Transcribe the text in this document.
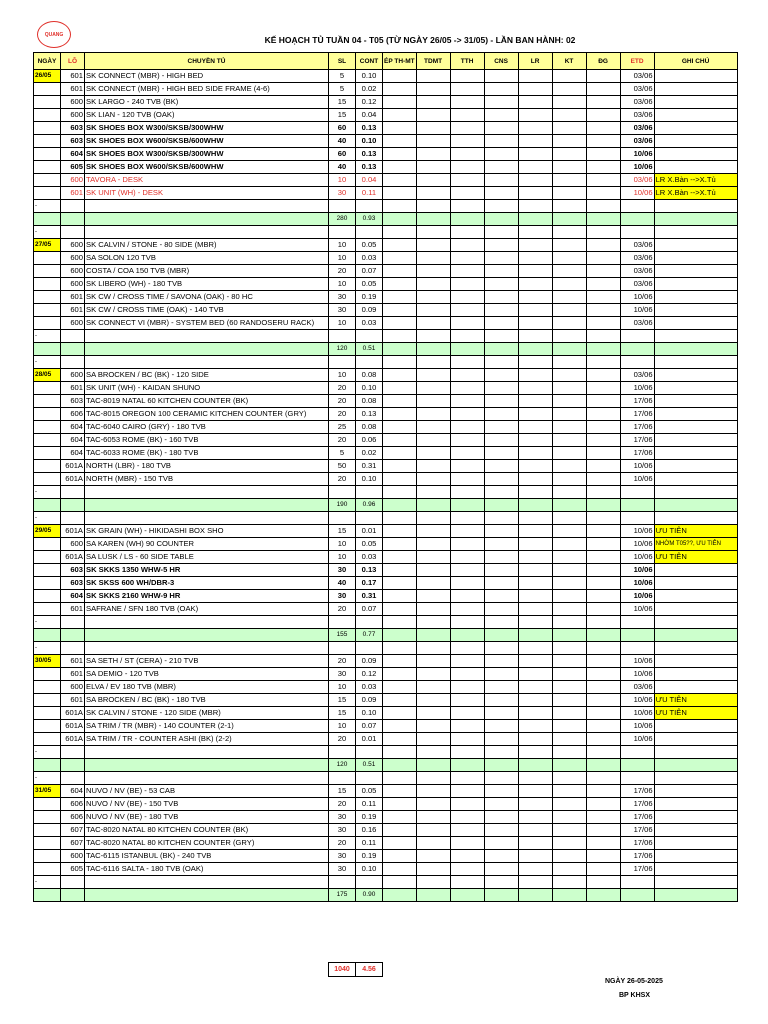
QUANG
KẾ HOẠCH TỦ TUẦN 04 - T05 (TỪ NGÀY 26/05 -> 31/05) - LẦN BAN HÀNH: 02
NGÀY	LÔ	CHUYỀN TỦ	SL	CONT	ÉP TH-MT	TDMT	TTH	CNS	LR	KT	ĐG	ETD	GHI CHÚ
26/05	601	SK CONNECT (MBR) - HIGH BED	5	0.10								03/06	
	601	SK CONNECT (MBR) - HIGH BED SIDE FRAME (4-6)	5	0.02								03/06	
	600	SK LARGO - 240 TVB (BK)	15	0.12								03/06	
	600	SK LIAN - 120 TVB (OAK)	15	0.04								03/06	
	603	SK SHOES BOX W300/SKSB/300WHW	60	0.13								03/06	
	603	SK SHOES BOX W600/SKSB/600WHW	40	0.10								03/06	
	604	SK SHOES BOX W300/SKSB/300WHW	60	0.13								10/06	
	605	SK SHOES BOX W600/SKSB/600WHW	40	0.13								10/06	
	600	TAVORA - DESK	10	0.04								03/06	LR X.Bàn -->X.Tủ
	601	SK UNIT (WH) - DESK	30	0.11								10/06	LR X.Bàn -->X.Tủ
-													
			280	0.93									
-													
27/05	600	SK CALVIN / STONE - 80 SIDE (MBR)	10	0.05								03/06	
	600	SA SOLON 120 TVB	10	0.03								03/06	
	600	COSTA / COA 150 TVB (MBR)	20	0.07								03/06	
	600	SK LIBERO (WH) - 180 TVB	10	0.05								03/06	
	601	SK CW / CROSS TIME / SAVONA (OAK) - 80 HC	30	0.19								10/06	
	601	SK CW / CROSS TIME (OAK) - 140 TVB	30	0.09								10/06	
	600	SK CONNECT VI (MBR) - SYSTEM BED (60 RANDOSERU RACK)	10	0.03								03/06	
-													
			120	0.51									
-													
28/05	600	SA BROCKEN / BC (BK) - 120 SIDE	10	0.08								03/06	
	601	SK UNIT (WH) - KAIDAN SHUNO	20	0.10								10/06	
	603	TAC-8019 NATAL 60 KITCHEN COUNTER (BK)	20	0.08								17/06	
	606	TAC-8015 OREGON 100 CERAMIC KITCHEN COUNTER (GRY)	20	0.13								17/06	
	604	TAC-6040 CAIRO (GRY) - 180 TVB	25	0.08								17/06	
	604	TAC-6053 ROME (BK) - 160 TVB	20	0.06								17/06	
	604	TAC-6033 ROME (BK) - 180 TVB	5	0.02								17/06	
	601A	NORTH (LBR) - 180 TVB	50	0.31								10/06	
	601A	NORTH (MBR) - 150 TVB	20	0.10								10/06	
-													
			190	0.96									
-													
29/05	601A	SK GRAIN (WH) - HIKIDASHI BOX SHO	15	0.01								10/06	ƯU TIÊN
	600	SA KAREN (WH) 90 COUNTER	10	0.05								10/06	NHỜM T05??, ƯU TIÊN
	601A	SA LUSK / LS - 60 SIDE TABLE	10	0.03								10/06	ƯU TIÊN
	603	SK SKKS 1350 WHW-5 HR	30	0.13								10/06	
	603	SK SKSS 600 WH/DBR-3	40	0.17								10/06	
	604	SK SKKS 2160 WHW-9 HR	30	0.31								10/06	
	601	SAFRANE / SFN 180 TVB (OAK)	20	0.07								10/06	
-													
			155	0.77									
-													
30/05	601	SA SETH / ST (CERA) - 210 TVB	20	0.09								10/06	
	601	SA DEMIO - 120 TVB	30	0.12								10/06	
	600	ELVA / EV 180 TVB (MBR)	10	0.03								03/06	
	601	SA BROCKEN / BC (BK) - 180 TVB	15	0.09								10/06	ƯU TIÊN
	601A	SK CALVIN / STONE - 120 SIDE (MBR)	15	0.10								10/06	ƯU TIÊN
	601A	SA TRIM / TR (MBR) - 140 COUNTER (2-1)	10	0.07								10/06	
	601A	SA TRIM / TR - COUNTER ASHI (BK) (2-2)	20	0.01								10/06	
-													
			120	0.51									
-													
31/05	604	NUVO / NV (BE) - 53 CAB	15	0.05								17/06	
	606	NUVO / NV (BE) - 150 TVB	20	0.11								17/06	
	606	NUVO / NV (BE) - 180 TVB	30	0.19								17/06	
	607	TAC-8020 NATAL 80 KITCHEN COUNTER (BK)	30	0.16								17/06	
	607	TAC-8020 NATAL 80 KITCHEN COUNTER (GRY)	20	0.11								17/06	
	600	TAC-6115 ISTANBUL (BK) - 240 TVB	30	0.19								17/06	
	605	TAC-6116 SALTA - 180 TVB (OAK)	30	0.10								17/06	
-													
			175	0.90									
1040	4.56
NGÀY 26-05-2025
BP KHSX
